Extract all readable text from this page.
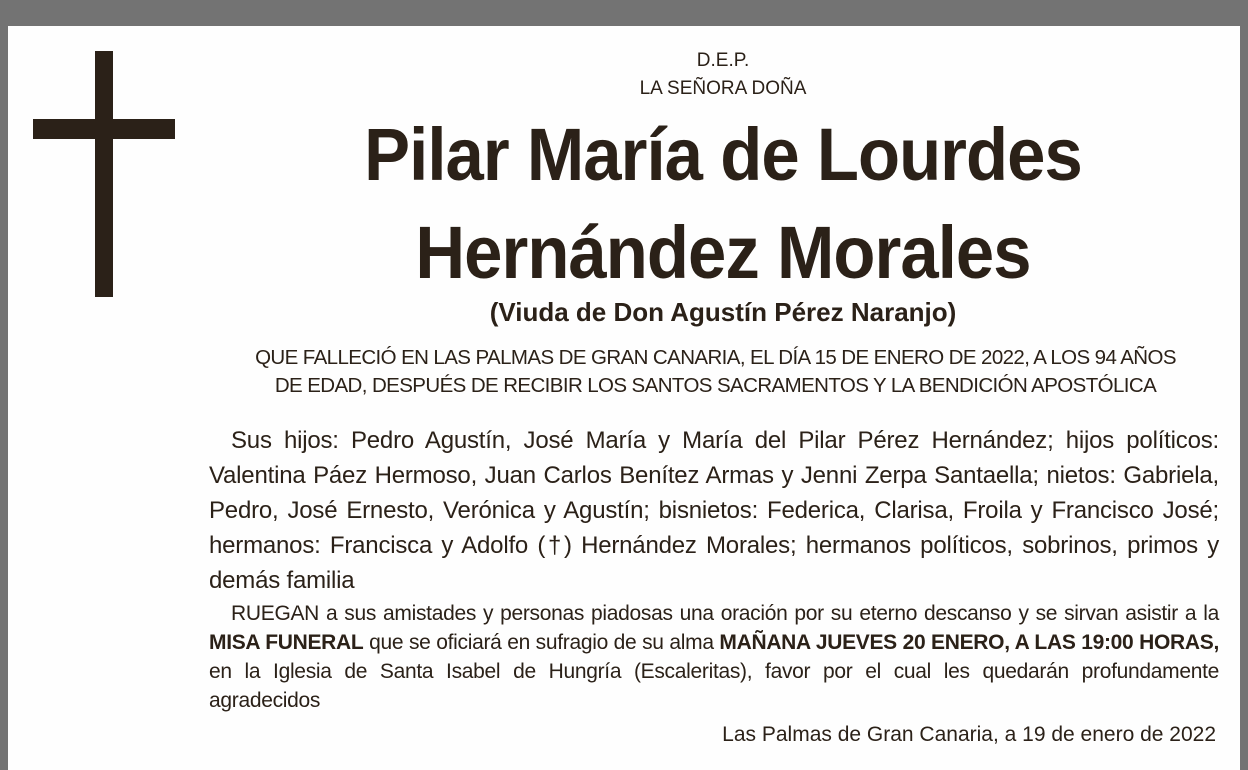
D.E.P.
LA SEÑORA DOÑA
Pilar María de Lourdes
Hernández Morales
(Viuda de Don Agustín Pérez Naranjo)
QUE FALLECIÓ EN LAS PALMAS DE GRAN CANARIA, EL DÍA 15 DE ENERO DE 2022, A LOS 94 AÑOS
DE EDAD, DESPUÉS DE RECIBIR LOS SANTOS SACRAMENTOS Y LA BENDICIÓN APOSTÓLICA
Sus hijos: Pedro Agustín, José María y María del Pilar Pérez Hernández; hijos políticos: Valentina Páez Hermoso, Juan Carlos Benítez Armas y Jenni Zerpa Santaella; nietos: Gabriela, Pedro, José Ernesto, Verónica y Agustín; bisnietos: Federica, Clarisa, Froila y Francisco José; hermanos: Francisca y Adolfo (†) Hernández Morales; hermanos políticos, sobrinos, primos y demás familia
RUEGAN a sus amistades y personas piadosas una oración por su eterno descanso y se sirvan asistir a la MISA FUNERAL que se oficiará en sufragio de su alma MAÑANA JUEVES 20 ENERO, A LAS 19:00 HORAS, en la Iglesia de Santa Isabel de Hungría (Escaleritas), favor por el cual les quedarán profundamente agradecidos
Las Palmas de Gran Canaria, a 19 de enero de 2022
